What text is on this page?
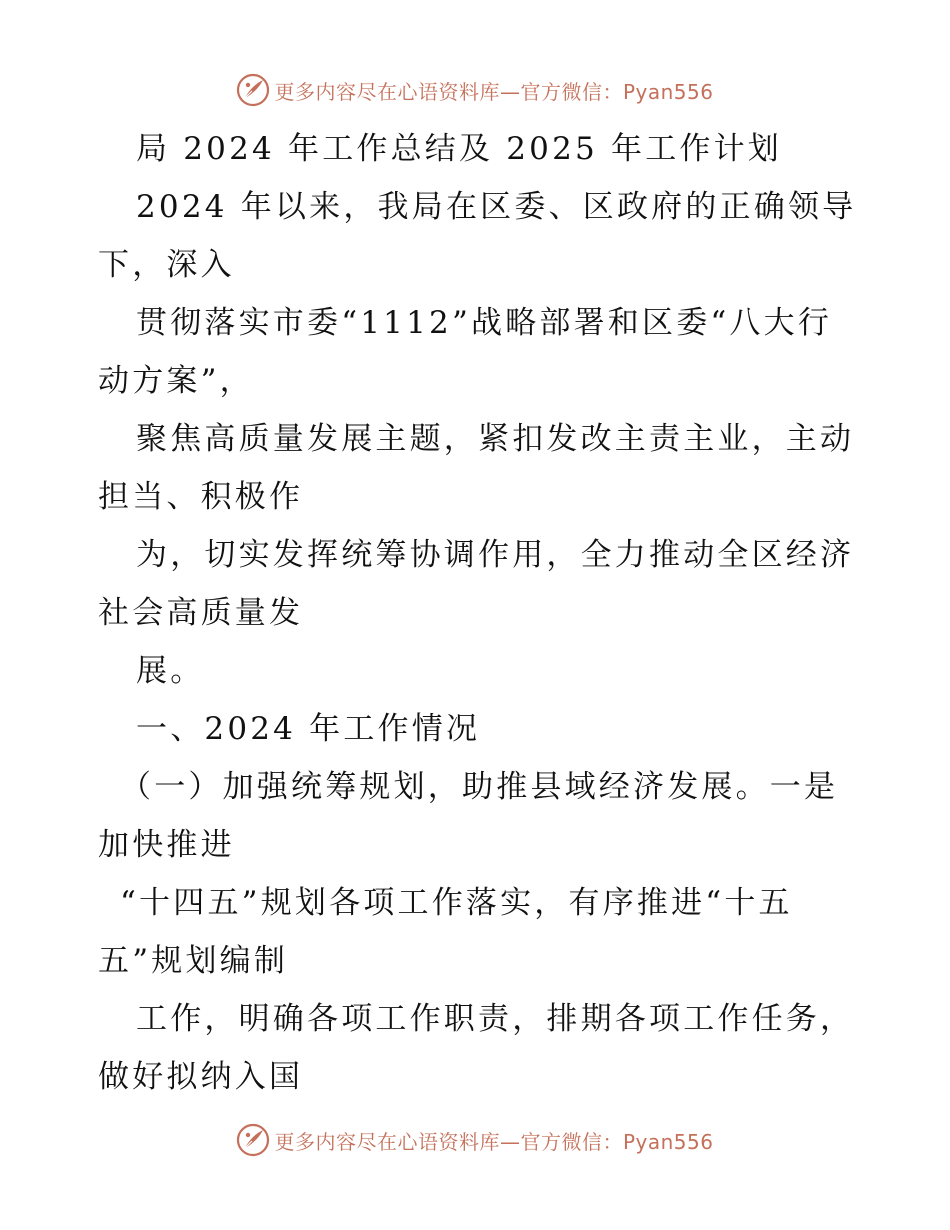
更多内容尽在心语资料库—官方微信：Pyan556
局 2024 年工作总结及 2025 年工作计划
2024 年以来，我局在区委、区政府的正确领导
下，深入
贯彻落实市委“1112”战略部署和区委“八大行
动方案”，
聚焦高质量发展主题，紧扣发改主责主业，主动
担当、积极作
为，切实发挥统筹协调作用，全力推动全区经济
社会高质量发
展。
一、2024 年工作情况
（一）加强统筹规划，助推县域经济发展。一是
加快推进
“十四五”规划各项工作落实，有序推进“十五
五”规划编制
工作，明确各项工作职责，排期各项工作任务，
做好拟纳入国
更多内容尽在心语资料库—官方微信：Pyan556
